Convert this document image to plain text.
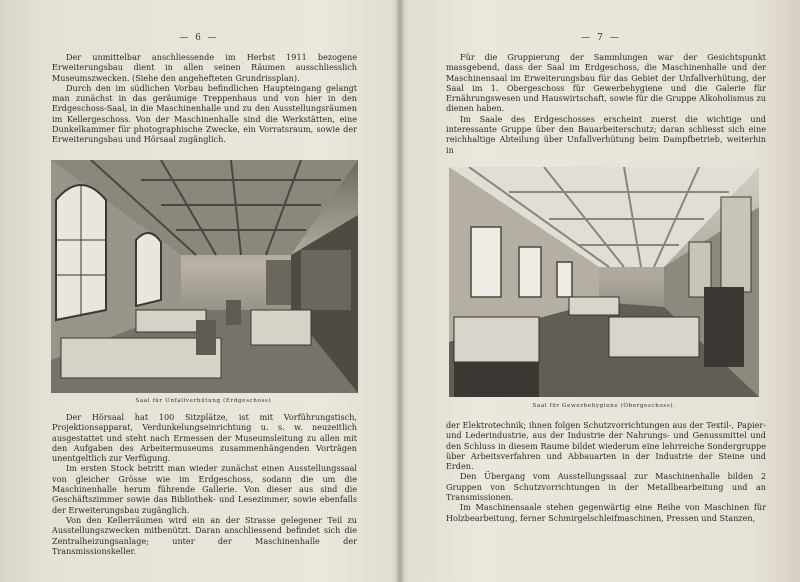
— 6 —

Der unmittelbar anschliessende im Herbst 1911 bezogene Erweiterungsbau dient in allen seinen Räumen ausschliesslich Museumszwecken. (Siehe den angehefteten Grundrissplan).

Durch den im südlichen Vorbau befindlichen Haupteingang gelangt man zunächst in das geräumige Treppenhaus und von hier in den Erdgeschoss-Saal, in die Maschinenhalle und zu den Ausstellungsräumen im Kellergeschoss. Von der Maschinenhalle sind die Werkstätten, eine Dunkelkammer für photographische Zwecke, ein Vorratsraum, sowie der Erweiterungsbau und Hörsaal zugänglich.

Saal für Unfallverhütung (Erdgeschoss).

Der Hörsaal hat 100 Sitzplätze, ist mit Vorführungstisch, Projektionsapparat, Verdunkelungseinrichtung u. s. w. neuzeitlich ausgestattet und steht nach Ermessen der Museumsleitung zu allen mit den Aufgaben des Arbeitermuseums zusammenhängenden Vorträgen unentgeltlich zur Verfügung.

Im ersten Stock betritt man wieder zunächst einen Ausstellungssaal von gleicher Grösse wie im Erdgeschoss, sodann die um die Maschinenhalle herum führende Gallerie. Von dieser aus sind die Geschäftszimmer sowie das Bibliothek- und Lesezimmer, sowie ebenfalls der Erweiterungsbau zugänglich.

Von den Kellerräumen wird ein an der Strasse gelegener Teil zu Ausstellungszwecken mitbenützt. Daran anschliessend befindet sich die Zentralheizungsanlage; unter der Maschinenhalle der Transmissionskeller.

— 7 —

Für die Gruppierung der Sammlungen war der Gesichtspunkt massgebend, dass der Saal im Erdgeschoss, die Maschinenhalle und der Maschinensaal im Erweiterungsbau für das Gebiet der Unfallverhütung, der Saal im 1. Obergeschoss für Gewerbehygiene und die Galerie für Ernährungswesen und Hauswirtschaft, sowie für die Gruppe Alkoholismus zu dienen haben.

Im Saale des Erdgeschosses erscheint zuerst die wichtige und interessante Gruppe über den Bauarbeiterschutz; daran schliesst sich eine reichhaltige Abteilung über Unfallverhütung beim Dampfbetrieb, weiterhin in

Saal für Gewerbehygiene (Obergeschoss).

der Elektrotechnik; ihnen folgen Schutzvorrichtungen aus der Textil-, Papier- und Lederindustrie, aus der Industrie der Nahrungs- und Genussmittel und den Schluss in diesem Raume bildet wiederum eine lehrreiche Sondergruppe über Arbeitsverfahren und Abbauarten in der Industrie der Steine und Erden.

Den Übergang vom Ausstellungssaal zur Maschinenhalle bilden 2 Gruppen von Schutzvorrichtungen in der Metallbearbeitung und an Transmissionen.

Im Maschinensaale stehen gegenwärtig eine Reihe von Maschinen für Holzbearbeitung, ferner Schmirgelschleifmaschinen, Pressen und Stanzen,
